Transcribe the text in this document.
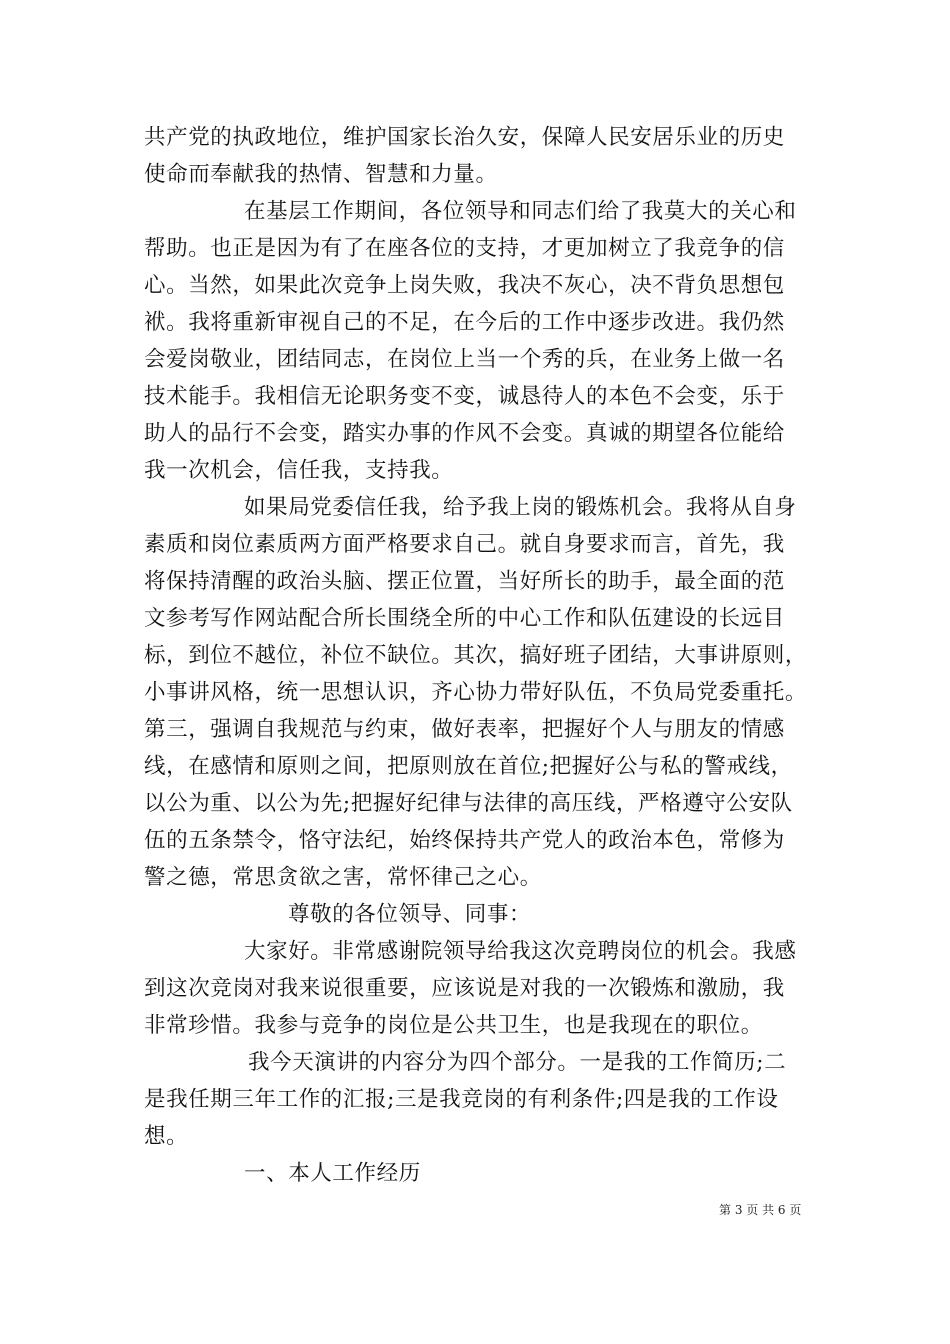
共产党的执政地位，维护国家长治久安，保障人民安居乐业的历史
使命而奉献我的热情、智慧和力量。
在基层工作期间，各位领导和同志们给了我莫大的关心和
帮助。也正是因为有了在座各位的支持，才更加树立了我竞争的信
心。当然，如果此次竞争上岗失败，我决不灰心，决不背负思想包
袱。我将重新审视自己的不足，在今后的工作中逐步改进。我仍然
会爱岗敬业，团结同志，在岗位上当一个秀的兵，在业务上做一名
技术能手。我相信无论职务变不变，诚恳待人的本色不会变，乐于
助人的品行不会变，踏实办事的作风不会变。真诚的期望各位能给
我一次机会，信任我，支持我。
如果局党委信任我，给予我上岗的锻炼机会。我将从自身
素质和岗位素质两方面严格要求自己。就自身要求而言，首先，我
将保持清醒的政治头脑、摆正位置，当好所长的助手，最全面的范
文参考写作网站配合所长围绕全所的中心工作和队伍建设的长远目
标，到位不越位，补位不缺位。其次，搞好班子团结，大事讲原则，
小事讲风格，统一思想认识，齐心协力带好队伍，不负局党委重托。
第三，强调自我规范与约束，做好表率，把握好个人与朋友的情感
线，在感情和原则之间，把原则放在首位;把握好公与私的警戒线，
以公为重、以公为先;把握好纪律与法律的高压线，严格遵守公安队
伍的五条禁令，恪守法纪，始终保持共产党人的政治本色，常修为
警之德，常思贪欲之害，常怀律己之心。
尊敬的各位领导、同事：
大家好。非常感谢院领导给我这次竞聘岗位的机会。我感
到这次竞岗对我来说很重要，应该说是对我的一次锻炼和激励，我
非常珍惜。我参与竞争的岗位是公共卫生，也是我现在的职位。
我今天演讲的内容分为四个部分。一是我的工作简历;二
是我任期三年工作的汇报;三是我竞岗的有利条件;四是我的工作设
想。
一、本人工作经历
第 3 页 共 6 页
